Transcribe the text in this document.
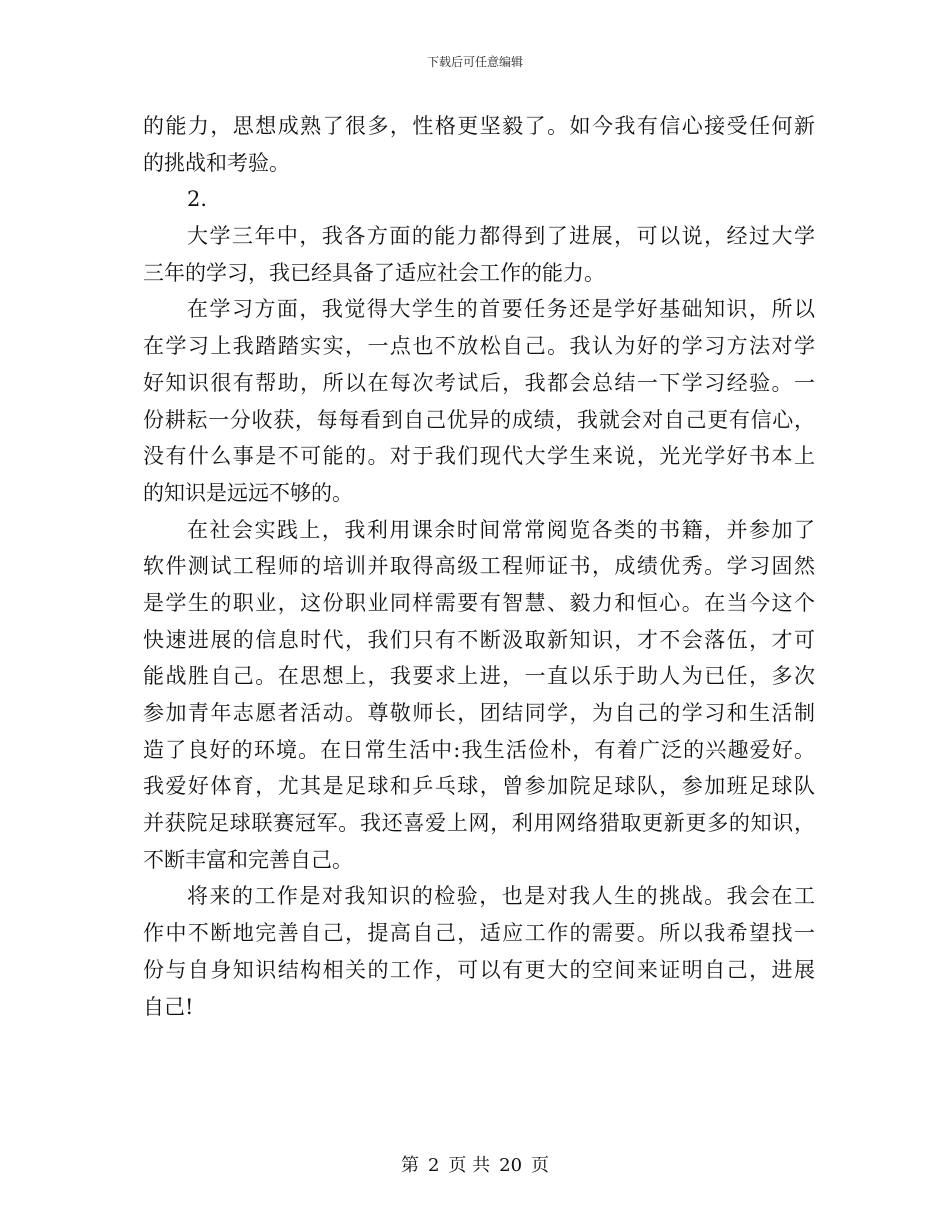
下载后可任意编辑
的能力，思想成熟了很多，性格更坚毅了。如今我有信心接受任何新
的挑战和考验。
2.
大学三年中，我各方面的能力都得到了进展，可以说，经过大学
三年的学习，我已经具备了适应社会工作的能力。
在学习方面，我觉得大学生的首要任务还是学好基础知识，所以
在学习上我踏踏实实，一点也不放松自己。我认为好的学习方法对学
好知识很有帮助，所以在每次考试后，我都会总结一下学习经验。一
份耕耘一分收获，每每看到自己优异的成绩，我就会对自己更有信心，
没有什么事是不可能的。对于我们现代大学生来说，光光学好书本上
的知识是远远不够的。
在社会实践上，我利用课余时间常常阅览各类的书籍，并参加了
软件测试工程师的培训并取得高级工程师证书，成绩优秀。学习固然
是学生的职业，这份职业同样需要有智慧、毅力和恒心。在当今这个
快速进展的信息时代，我们只有不断汲取新知识，才不会落伍，才可
能战胜自己。在思想上，我要求上进，一直以乐于助人为已任，多次
参加青年志愿者活动。尊敬师长，团结同学，为自己的学习和生活制
造了良好的环境。在日常生活中:我生活俭朴，有着广泛的兴趣爱好。
我爱好体育，尤其是足球和乒乓球，曾参加院足球队，参加班足球队
并获院足球联赛冠军。我还喜爱上网，利用网络猎取更新更多的知识，
不断丰富和完善自己。
将来的工作是对我知识的检验，也是对我人生的挑战。我会在工
作中不断地完善自己，提高自己，适应工作的需要。所以我希望找一
份与自身知识结构相关的工作，可以有更大的空间来证明自己，进展
自己!
第 2 页 共 20 页
